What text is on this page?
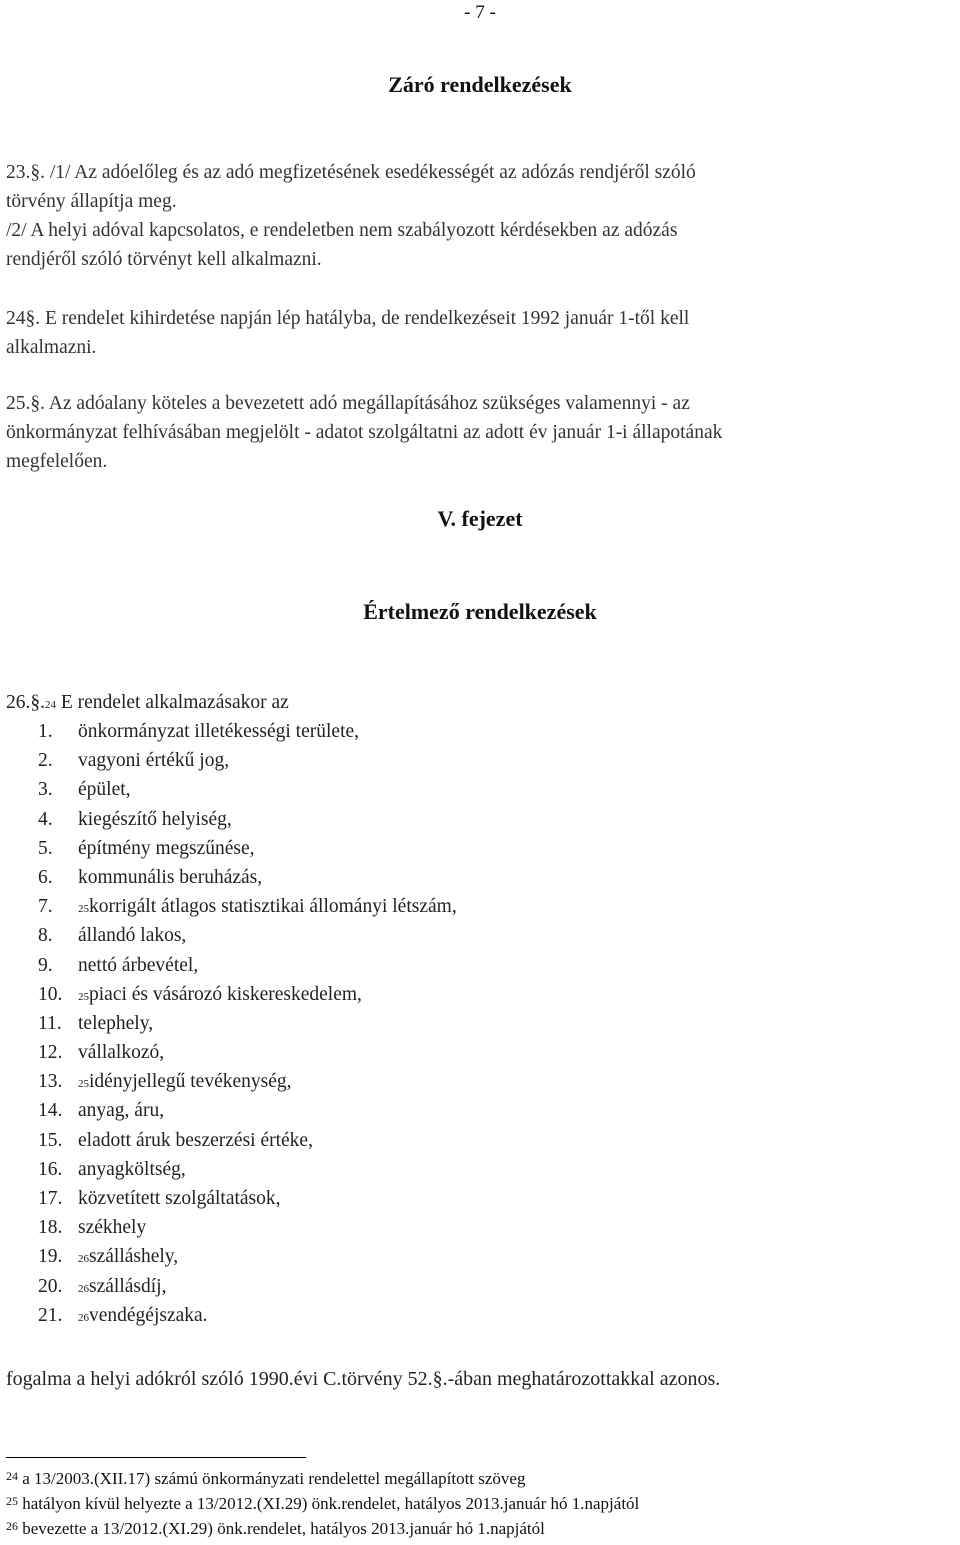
- 7 -
Záró rendelkezések
23.§. /1/ Az adóelőleg és az adó megfizetésének esedékességét az adózás rendjéről szóló
törvény állapítja meg.
/2/ A helyi adóval kapcsolatos, e rendeletben nem szabályozott kérdésekben az adózás
rendjéről szóló törvényt kell alkalmazni.
24§. E rendelet kihirdetése napján lép hatályba, de rendelkezéseit 1992 január 1-től kell
alkalmazni.
25.§. Az adóalany köteles a bevezetett adó megállapításához szükséges valamennyi - az
önkormányzat felhívásában megjelölt - adatot szolgáltatni az adott év január 1-i állapotának
megfelelően.
V. fejezet
Értelmező rendelkezések
26.§.$^{24}$ E rendelet alkalmazásakor az
1. önkormányzat illetékességi területe,
2. vagyoni értékű jog,
3. épület,
4. kiegészítő helyiség,
5. építmény megszűnése,
6. kommunális beruházás,
7. $^{25}$korrigált átlagos statisztikai állományi létszám,
8. állandó lakos,
9. nettó árbevétel,
10. $^{25}$piaci és vásározó kiskereskedelem,
11. telephely,
12. vállalkozó,
13. $^{25}$idényjellegű tevékenység,
14. anyag, áru,
15. eladott áruk beszerzési értéke,
16. anyagköltség,
17. közvetített szolgáltatások,
18. székhely
19. $^{26}$szálláshely,
20. $^{26}$szállásdíj,
21. $^{26}$vendégéjszaka.
fogalma a helyi adókról szóló 1990.évi C.törvény 52.§.-ában meghatározottakkal azonos.
$^{24}$ a 13/2003.(XII.17) számú önkormányzati rendelettel megállapított szöveg
$^{25}$ hatályon kívül helyezte a 13/2012.(XI.29) önk.rendelet, hatályos 2013.január hó 1.napjától
$^{26}$ bevezette a 13/2012.(XI.29) önk.rendelet, hatályos 2013.január hó 1.napjától
